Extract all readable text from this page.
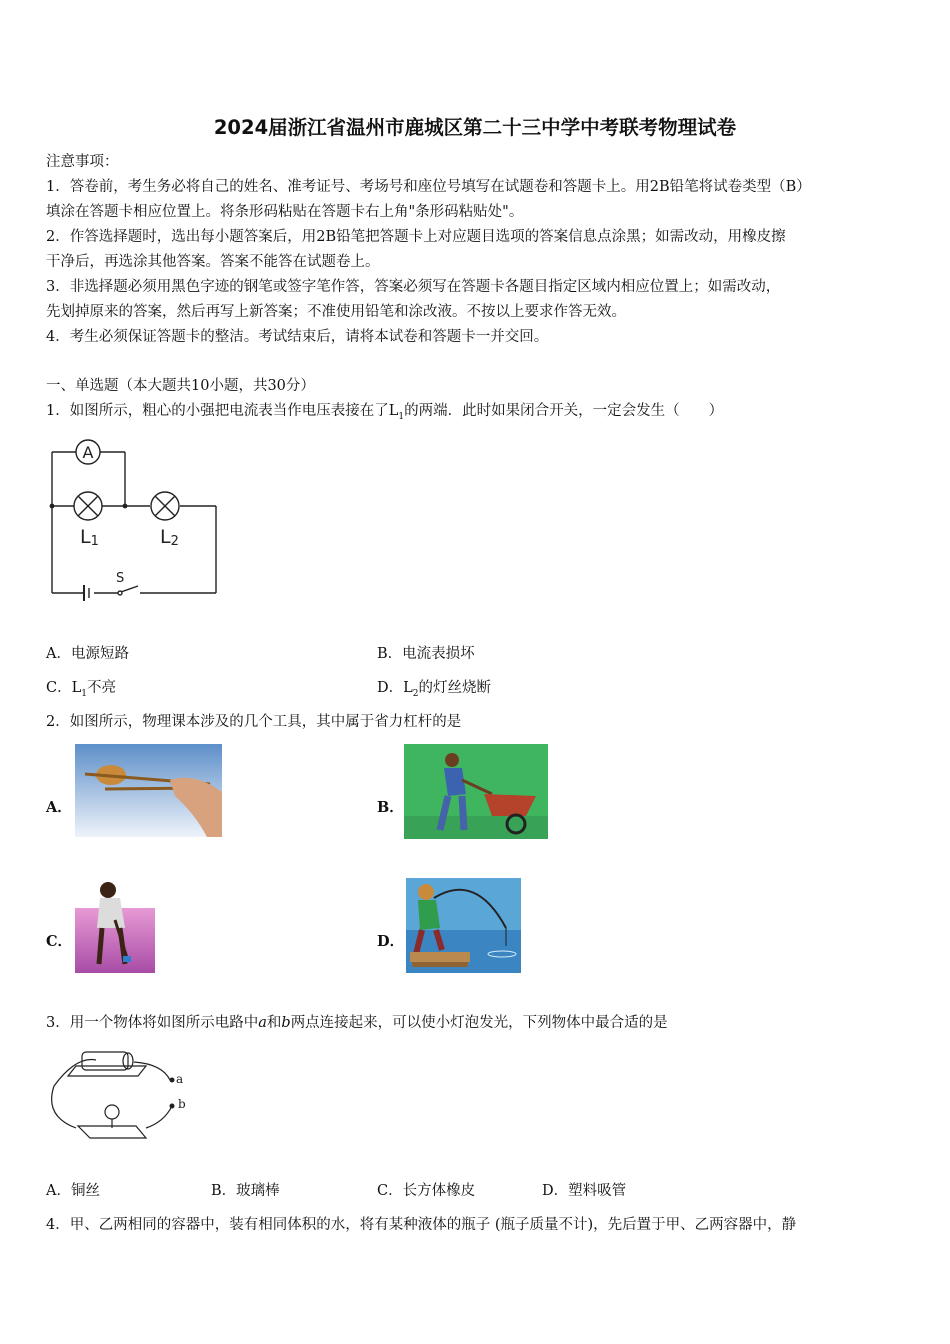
2024届浙江省温州市鹿城区第二十三中学中考联考物理试卷
注意事项：
1．答卷前，考生务必将自己的姓名、准考证号、考场号和座位号填写在试题卷和答题卡上。用2B铅笔将试卷类型（B）
填涂在答题卡相应位置上。将条形码粘贴在答题卡右上角"条形码粘贴处"。
2．作答选择题时，选出每小题答案后，用2B铅笔把答题卡上对应题目选项的答案信息点涂黑；如需改动，用橡皮擦
干净后，再选涂其他答案。答案不能答在试题卷上。
3．非选择题必须用黑色字迹的钢笔或签字笔作答，答案必须写在答题卡各题目指定区域内相应位置上；如需改动，
先划掉原来的答案，然后再写上新答案；不准使用铅笔和涂改液。不按以上要求作答无效。
4．考生必须保证答题卡的整洁。考试结束后，请将本试卷和答题卡一并交回。
一、单选题（本大题共10小题，共30分）
1．如图所示，粗心的小强把电流表当作电压表接在了$L_1$的两端．此时如果闭合开关，一定会发生（　　）
A
L1	L2
S
A．电源短路	B．电流表损坏
C．$L_1$不亮	D．$L_2$的灯丝烧断
2．如图所示，物理课本涉及的几个工具，其中属于省力杠杆的是
A．	B．
C．	D．
3．用一个物体将如图所示电路中a和b两点连接起来，可以使小灯泡发光，下列物体中最合适的是
a
b
A．铜丝	B．玻璃棒	C．长方体橡皮	D．塑料吸管
4．甲、乙两相同的容器中，装有相同体积的水，将有某种液体的瓶子 (瓶子质量不计)，先后置于甲、乙两容器中，静
